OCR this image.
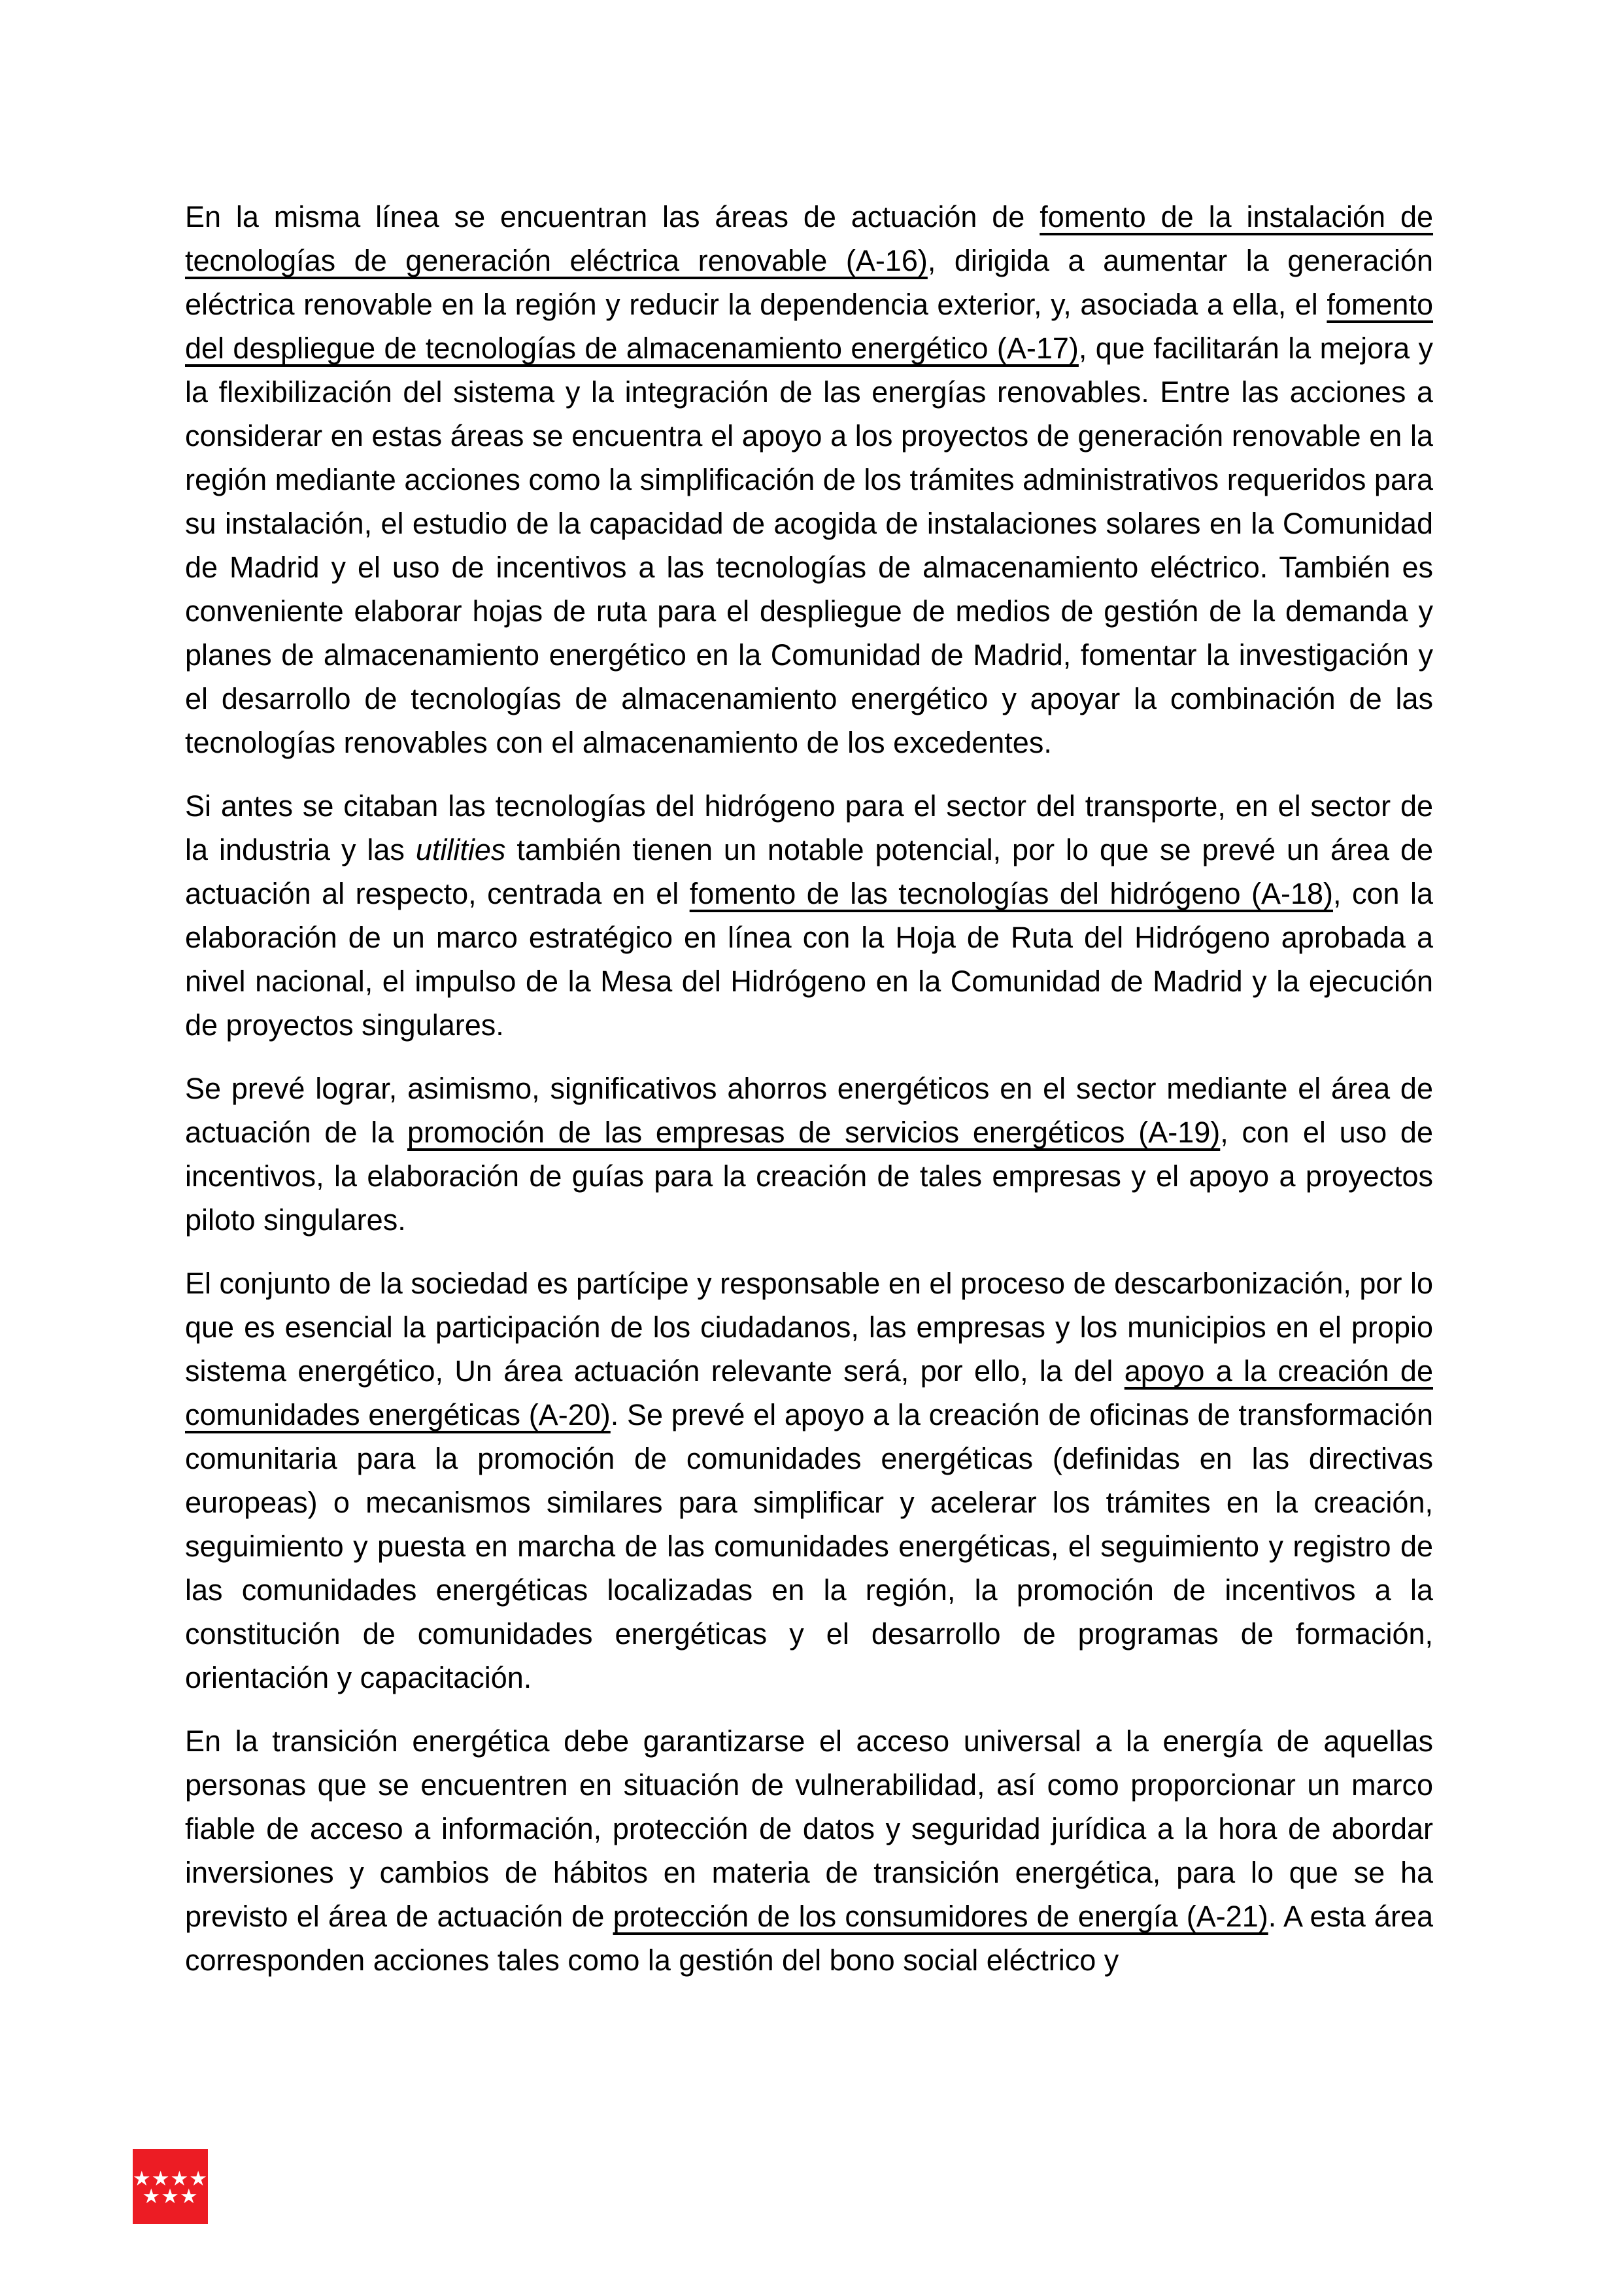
En la misma línea se encuentran las áreas de actuación de fomento de la instalación de tecnologías de generación eléctrica renovable (A-16), dirigida a aumentar la generación eléctrica renovable en la región y reducir la dependencia exterior, y, asociada a ella, el fomento del despliegue de tecnologías de almacenamiento energético (A-17), que facilitarán la mejora y la flexibilización del sistema y la integración de las energías renovables. Entre las acciones a considerar en estas áreas se encuentra el apoyo a los proyectos de generación renovable en la región mediante acciones como la simplificación de los trámites administrativos requeridos para su instalación, el estudio de la capacidad de acogida de instalaciones solares en la Comunidad de Madrid y el uso de incentivos a las tecnologías de almacenamiento eléctrico. También es conveniente elaborar hojas de ruta para el despliegue de medios de gestión de la demanda y planes de almacenamiento energético en la Comunidad de Madrid, fomentar la investigación y el desarrollo de tecnologías de almacenamiento energético y apoyar la combinación de las tecnologías renovables con el almacenamiento de los excedentes.

Si antes se citaban las tecnologías del hidrógeno para el sector del transporte, en el sector de la industria y las utilities también tienen un notable potencial, por lo que se prevé un área de actuación al respecto, centrada en el fomento de las tecnologías del hidrógeno (A-18), con la elaboración de un marco estratégico en línea con la Hoja de Ruta del Hidrógeno aprobada a nivel nacional, el impulso de la Mesa del Hidrógeno en la Comunidad de Madrid y la ejecución de proyectos singulares.

Se prevé lograr, asimismo, significativos ahorros energéticos en el sector mediante el área de actuación de la promoción de las empresas de servicios energéticos (A-19), con el uso de incentivos, la elaboración de guías para la creación de tales empresas y el apoyo a proyectos piloto singulares.

El conjunto de la sociedad es partícipe y responsable en el proceso de descarbonización, por lo que es esencial la participación de los ciudadanos, las empresas y los municipios en el propio sistema energético, Un área actuación relevante será, por ello, la del apoyo a la creación de comunidades energéticas (A-20). Se prevé el apoyo a la creación de oficinas de transformación comunitaria para la promoción de comunidades energéticas (definidas en las directivas europeas) o mecanismos similares para simplificar y acelerar los trámites en la creación, seguimiento y puesta en marcha de las comunidades energéticas, el seguimiento y registro de las comunidades energéticas localizadas en la región, la promoción de incentivos a la constitución de comunidades energéticas y el desarrollo de programas de formación, orientación y capacitación.

En la transición energética debe garantizarse el acceso universal a la energía de aquellas personas que se encuentren en situación de vulnerabilidad, así como proporcionar un marco fiable de acceso a información, protección de datos y seguridad jurídica a la hora de abordar inversiones y cambios de hábitos en materia de transición energética, para lo que se ha previsto el área de actuación de protección de los consumidores de energía (A-21). A esta área corresponden acciones tales como la gestión del bono social eléctrico y

★★★★
★★★
